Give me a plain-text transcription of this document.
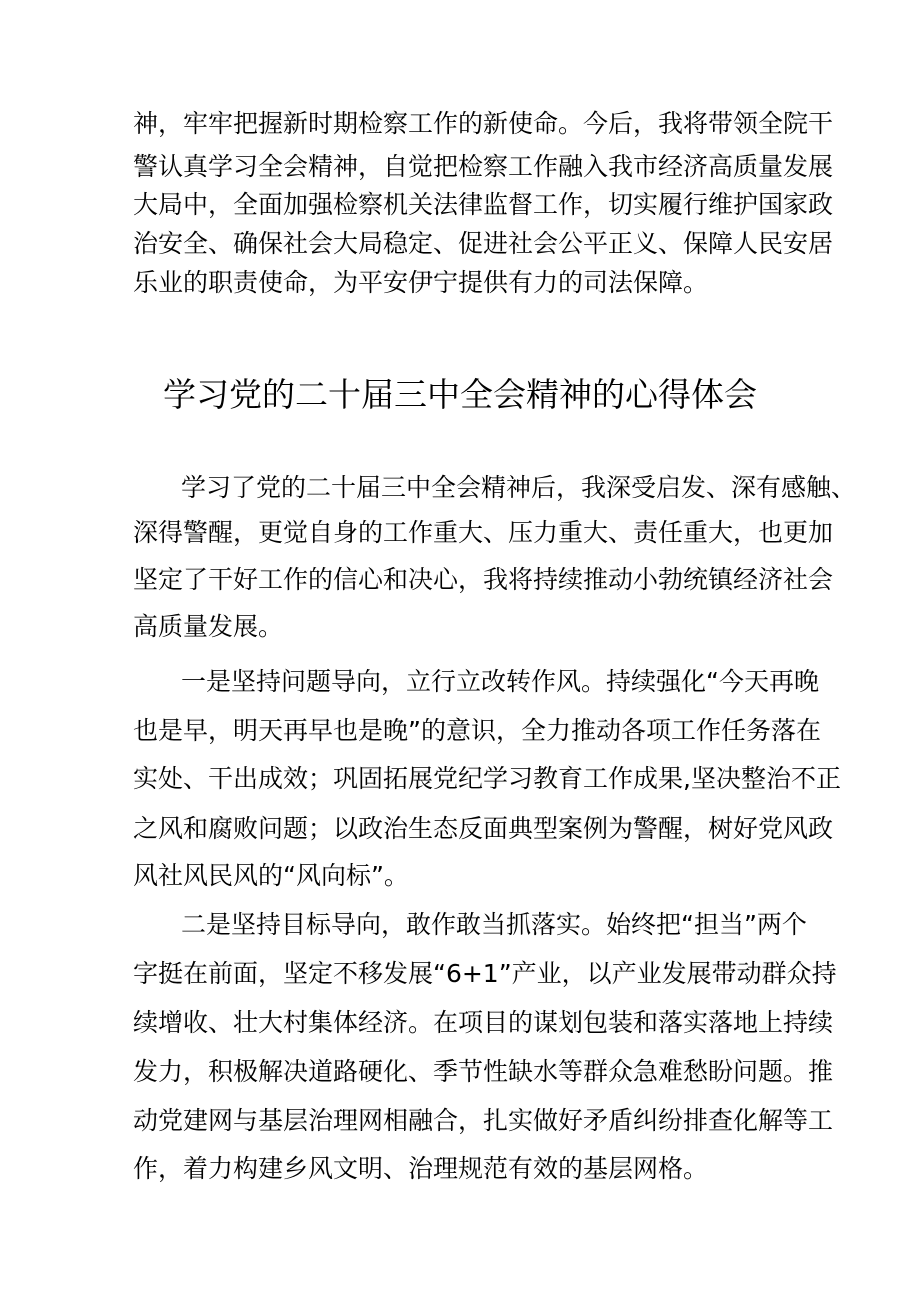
神，牢牢把握新时期检察工作的新使命。今后，我将带领全院干
警认真学习全会精神，自觉把检察工作融入我市经济高质量发展
大局中，全面加强检察机关法律监督工作，切实履行维护国家政
治安全、确保社会大局稳定、促进社会公平正义、保障人民安居
乐业的职责使命，为平安伊宁提供有力的司法保障。
学习党的二十届三中全会精神的心得体会
学习了党的二十届三中全会精神后，我深受启发、深有感触、
深得警醒，更觉自身的工作重大、压力重大、责任重大，也更加
坚定了干好工作的信心和决心，我将持续推动小勃统镇经济社会
高质量发展。
一是坚持问题导向，立行立改转作风。持续强化“今天再晚
也是早，明天再早也是晚”的意识，全力推动各项工作任务落在
实处、干出成效；巩固拓展党纪学习教育工作成果,坚决整治不正
之风和腐败问题；以政治生态反面典型案例为警醒，树好党风政
风社风民风的“风向标”。
二是坚持目标导向，敢作敢当抓落实。始终把“担当”两个
字挺在前面，坚定不移发展“6+1”产业，以产业发展带动群众持
续增收、壮大村集体经济。在项目的谋划包装和落实落地上持续
发力，积极解决道路硬化、季节性缺水等群众急难愁盼问题。推
动党建网与基层治理网相融合，扎实做好矛盾纠纷排查化解等工
作，着力构建乡风文明、治理规范有效的基层网格。
